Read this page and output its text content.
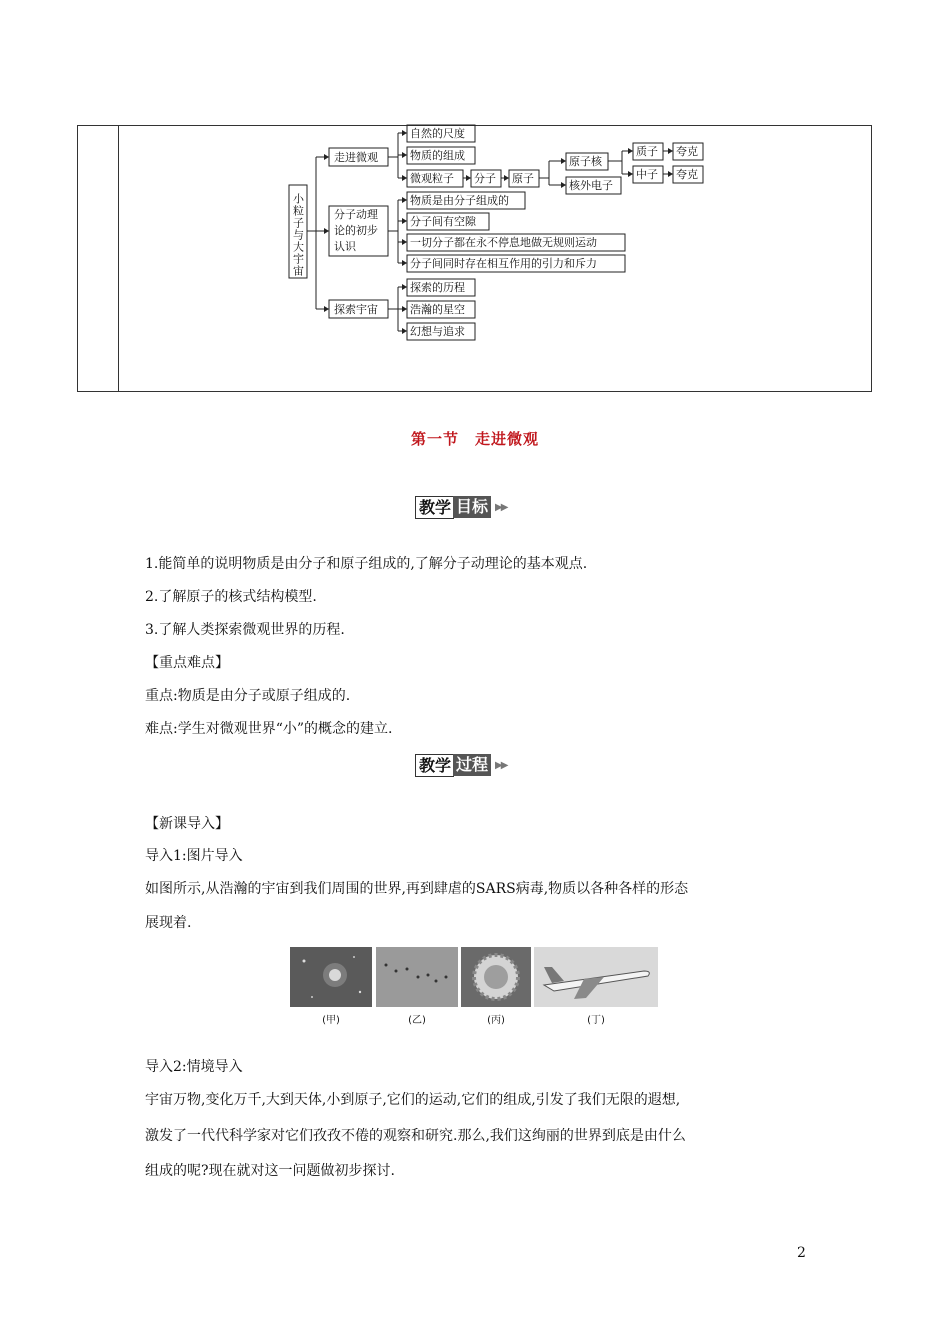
小粒子与大宇宙
走进微观
分子动理
论的初步
认识
探索宇宙
自然的尺度
物质的组成
微观粒子 分子 原子
原子核
核外电子
质子
中子
夸克
夸克
物质是由分子组成的
分子间有空隙
一切分子都在永不停息地做无规则运动
分子间同时存在相互作用的引力和斥力
探索的历程
浩瀚的星空
幻想与追求
第一节　走进微观
教学 目标 ▶▶
1.能简单的说明物质是由分子和原子组成的,了解分子动理论的基本观点.
2.了解原子的核式结构模型.
3.了解人类探索微观世界的历程.
【重点难点】
重点:物质是由分子或原子组成的.
难点:学生对微观世界“小”的概念的建立.
教学 过程 ▶▶
【新课导入】
导入1:图片导入
如图所示,从浩瀚的宇宙到我们周围的世界,再到肆虐的SARS病毒,物质以各种各样的形态
展现着.
(甲)	(乙)	(丙)	(丁)
导入2:情境导入
宇宙万物,变化万千,大到天体,小到原子,它们的运动,它们的组成,引发了我们无限的遐想,
激发了一代代科学家对它们孜孜不倦的观察和研究.那么,我们这绚丽的世界到底是由什么
组成的呢?现在就对这一问题做初步探讨.
2
